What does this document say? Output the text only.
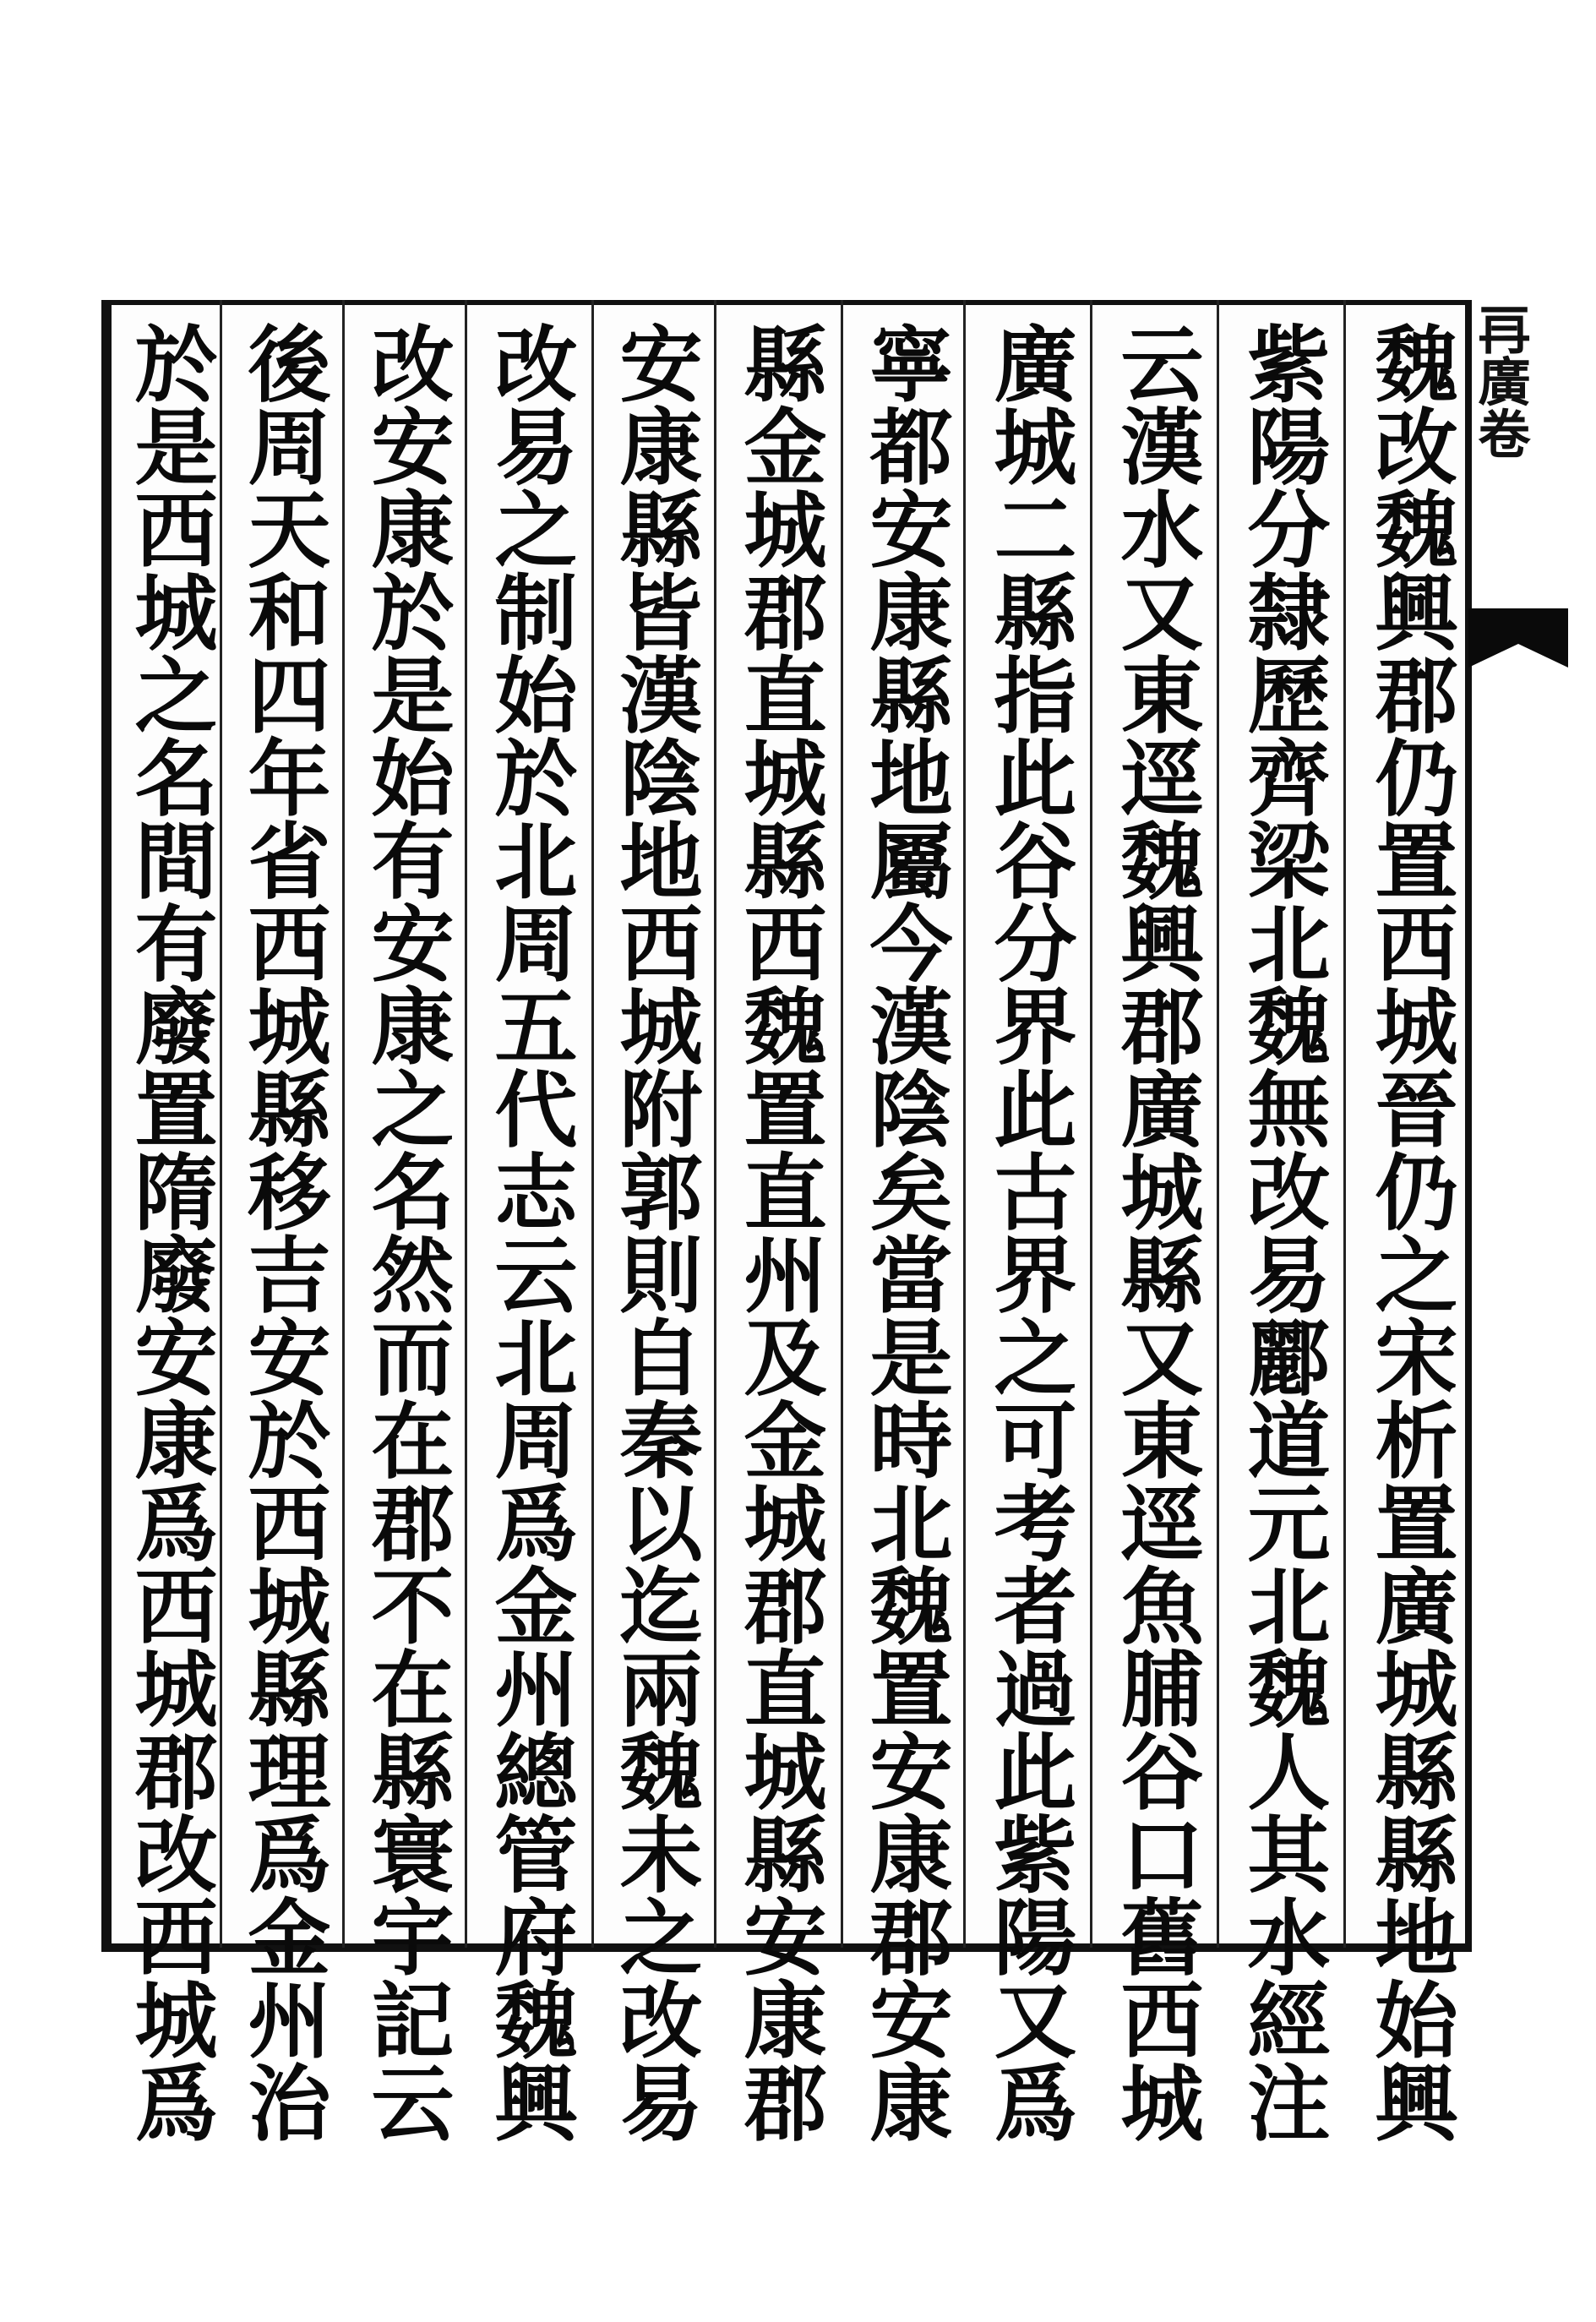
𠕂廣卷
魏改魏興郡仍置西城晉仍之宋析置廣城縣縣地始興
紫陽分隸歷齊梁北魏無改易酈道元北魏人其水經注
云漢水又東逕魏興郡廣城縣又東逕魚脯谷口舊西城
廣城二縣指此谷分界此古界之可考者過此紫陽又爲
寧都安康縣地屬今漢陰矣當是時北魏置安康郡安康
縣金城郡直城縣西魏置直州及金城郡直城縣安康郡
安康縣皆漢陰地西城附郭則自秦以迄兩魏未之改易
改易之制始於北周五代志云北周爲金州總管府魏興
改安康於是始有安康之名然而在郡不在縣寰宇記云
後周天和四年省西城縣移吉安於西城縣理爲金州治
於是西城之名間有廢置隋廢安康爲西城郡改西城爲
